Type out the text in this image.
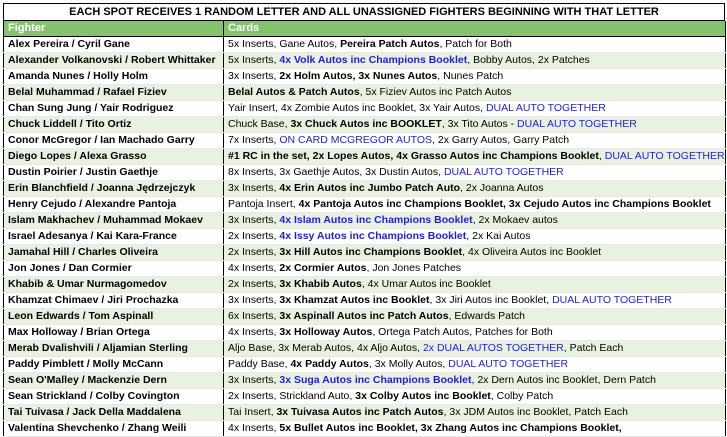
EACH SPOT RECEIVES 1 RANDOM LETTER AND ALL UNASSIGNED FIGHTERS BEGINNING WITH THAT LETTER
Fighter	Cards
Alex Pereira / Cyril Gane	5x Inserts, Gane Autos, Pereira Patch Autos, Patch for Both
Alexander Volkanovski / Robert Whittaker	5x Inserts, 4x Volk Autos inc Champions Booklet, Bobby Autos, 2x Patches
Amanda Nunes / Holly Holm	3x Inserts, 2x Holm Autos, 3x Nunes Autos, Nunes Patch
Belal Muhammad / Rafael Fiziev	Belal Autos & Patch Autos, 5x Fiziev Autos inc Patch Autos
Chan Sung Jung / Yair Rodriguez	Yair Insert, 4x Zombie Autos inc Booklet, 3x Yair Autos, DUAL AUTO TOGETHER
Chuck Liddell / Tito Ortiz	Chuck Base, 3x Chuck Autos inc BOOKLET, 3x Tito Autos - DUAL AUTO TOGETHER
Conor McGregor / Ian Machado Garry	7x Inserts, ON CARD MCGREGOR AUTOS, 2x Garry Autos, Garry Patch
Diego Lopes / Alexa Grasso	#1 RC in the set, 2x Lopes Autos, 4x Grasso Autos inc Champions Booklet, DUAL AUTO TOGETHER
Dustin Poirier / Justin Gaethje	8x Inserts, 3x Gaethje Autos, 3x Dustin Autos, DUAL AUTO TOGETHER
Erin Blanchfield / Joanna Jędrzejczyk	3x Inserts, 4x Erin Autos inc Jumbo Patch Auto, 2x Joanna Autos
Henry Cejudo / Alexandre Pantoja	Pantoja Insert, 4x Pantoja Autos inc Champions Booklet, 3x Cejudo Autos inc Champions Booklet
Islam Makhachev / Muhammad Mokaev	3x Inserts, 4x Islam Autos inc Champions Booklet, 2x Mokaev autos
Israel Adesanya / Kai Kara-France	2x Inserts, 4x Issy Autos inc Champions Booklet, 2x Kai Autos
Jamahal Hill / Charles Oliveira	2x Inserts, 3x Hill Autos inc Champions Booklet, 4x Oliveira Autos inc Booklet
Jon Jones / Dan Cormier	4x Inserts, 2x Cormier Autos, Jon Jones Patches
Khabib & Umar Nurmagomedov	2x Inserts, 3x Khabib Autos, 4x Umar Autos inc Booklet
Khamzat Chimaev / Jiri Prochazka	3x Inserts, 3x Khamzat Autos inc Booklet, 3x Jiri Autos inc Booklet, DUAL AUTO TOGETHER
Leon Edwards / Tom Aspinall	6x Inserts, 3x Aspinall Autos inc Patch Autos, Edwards Patch
Max Holloway / Brian Ortega	4x Inserts, 3x Holloway Autos, Ortega Patch Autos, Patches for Both
Merab Dvalishvili / Aljamian Sterling	Aljo Base, 3x Merab Autos, 4x Aljo Autos, 2x DUAL AUTOS TOGETHER, Patch Each
Paddy Pimblett / Molly McCann	Paddy Base, 4x Paddy Autos, 3x Molly Autos, DUAL AUTO TOGETHER
Sean O'Malley / Mackenzie Dern	3x Inserts, 3x Suga Autos inc Champions Booklet, 2x Dern Autos inc Booklet, Dern Patch
Sean Strickland / Colby Covington	2x Inserts, Strickland Auto, 3x Colby Autos inc Booklet, Colby Patch
Tai Tuivasa / Jack Della Maddalena	Tai Insert, 3x Tuivasa Autos inc Patch Autos, 3x JDM Autos inc Booklet, Patch Each
Valentina Shevchenko / Zhang Weili	4x Inserts, 5x Bullet Autos inc Booklet, 3x Zhang Autos inc Champions Booklet,
